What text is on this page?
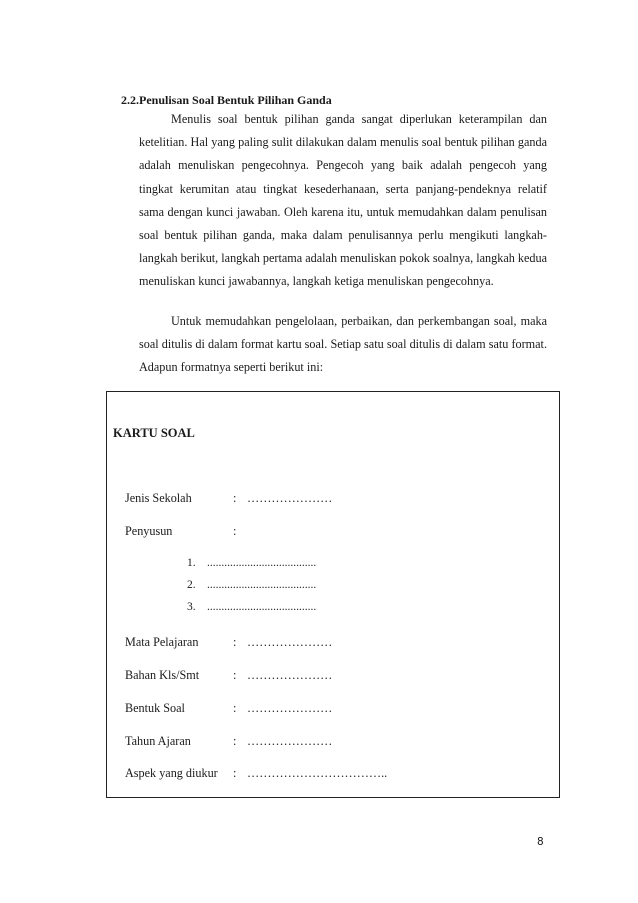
2.2.Penulisan Soal Bentuk Pilihan Ganda

Menulis soal bentuk pilihan ganda sangat diperlukan keterampilan dan ketelitian. Hal yang paling sulit dilakukan dalam menulis soal bentuk pilihan ganda adalah menuliskan pengecohnya. Pengecoh yang baik adalah pengecoh yang tingkat kerumitan atau tingkat kesederhanaan, serta panjang-pendeknya relatif sama dengan kunci jawaban. Oleh karena itu, untuk memudahkan dalam penulisan soal bentuk pilihan ganda, maka dalam penulisannya perlu mengikuti langkah-langkah berikut, langkah pertama adalah menuliskan pokok soalnya, langkah kedua menuliskan kunci jawabannya, langkah ketiga menuliskan pengecohnya.

Untuk memudahkan pengelolaan, perbaikan, dan perkembangan soal, maka soal ditulis di dalam format kartu soal. Setiap satu soal ditulis di dalam satu format. Adapun formatnya seperti berikut ini:

KARTU SOAL
Jenis Sekolah	: …………………
Penyusun	:
1. ......................................
2. ......................................
3. ......................................
Mata Pelajaran	: …………………
Bahan Kls/Smt	: …………………
Bentuk Soal	: …………………
Tahun Ajaran	: …………………
Aspek yang diukur : ……………………………..
8
